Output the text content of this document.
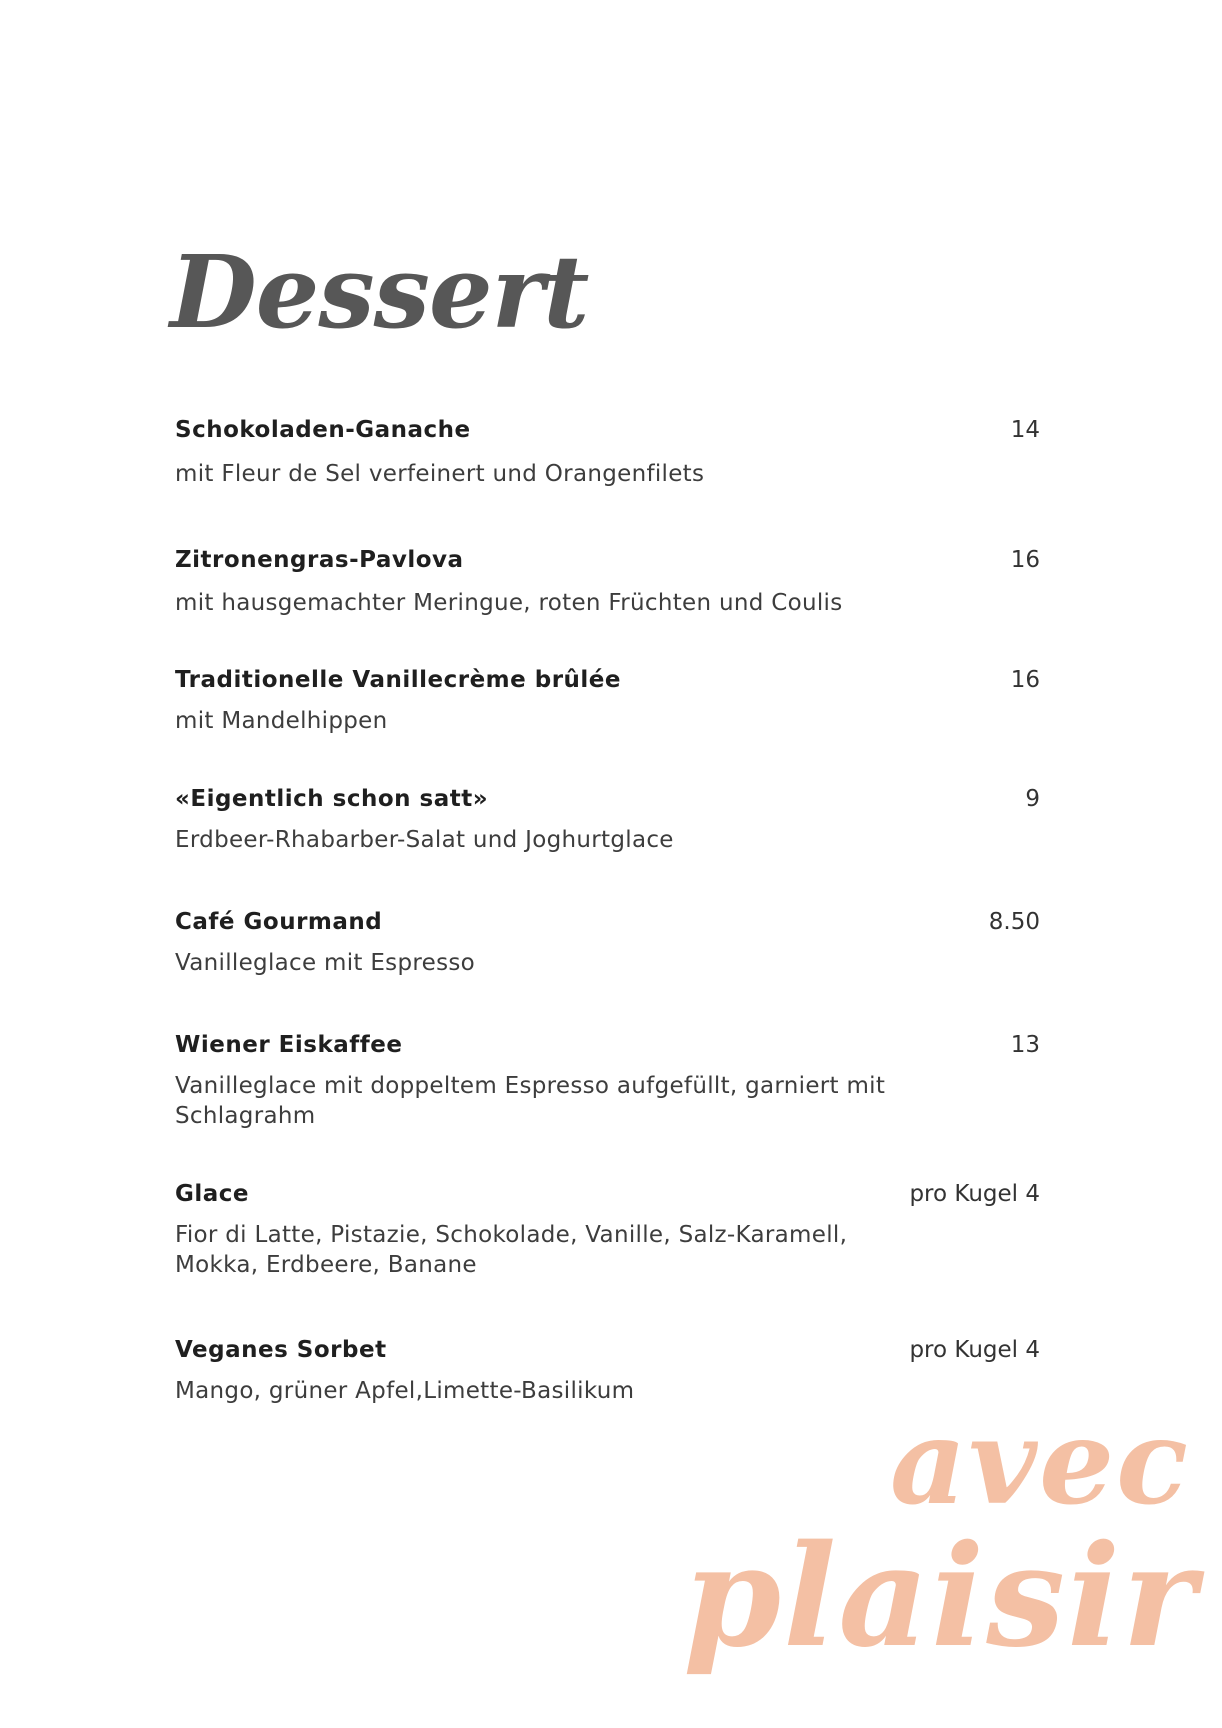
Dessert
Schokoladen-Ganache	14
mit Fleur de Sel verfeinert und Orangenfilets
Zitronengras-Pavlova	16
mit hausgemachter Meringue, roten Früchten und Coulis
Traditionelle Vanillecrème brûlée	16
mit Mandelhippen
«Eigentlich schon satt»	9
Erdbeer-Rhabarber-Salat und Joghurtglace
Café Gourmand	8.50
Vanilleglace mit Espresso
Wiener Eiskaffee	13
Vanilleglace mit doppeltem Espresso aufgefüllt, garniert mit Schlagrahm
Glace	pro Kugel 4
Fior di Latte, Pistazie, Schokolade, Vanille, Salz-Karamell, Mokka, Erdbeere, Banane
Veganes Sorbet	pro Kugel 4
Mango, grüner Apfel,Limette-Basilikum
avec
plaisir
